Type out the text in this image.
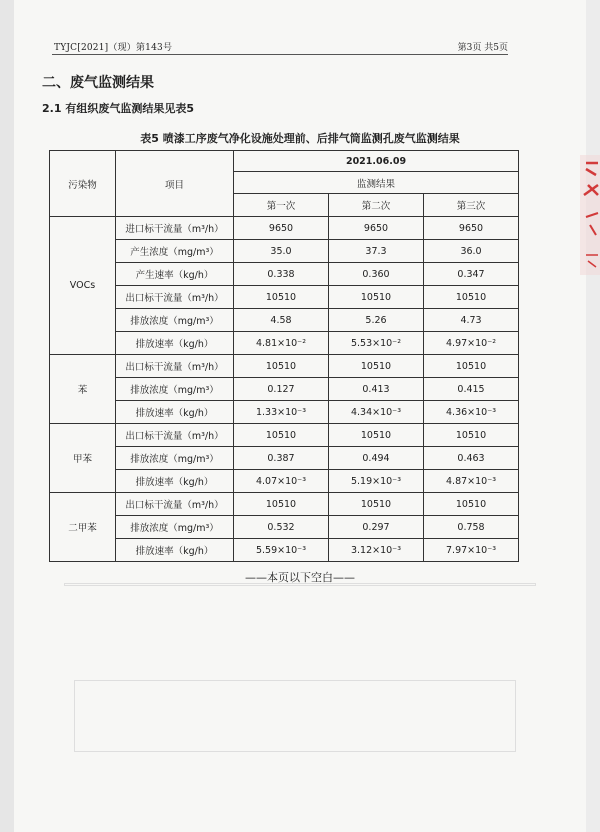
TYJC[2021]（现）第143号	第3页 共5页
二、废气监测结果
2.1 有组织废气监测结果见表5
表5 喷漆工序废气净化设施处理前、后排气筒监测孔废气监测结果
污染物	项目	2021.06.09		
		监测结果		
		第一次	第二次	第三次
VOCs	进口标干流量（m³/h）	9650	9650	9650
	产生浓度（mg/m³）	35.0	37.3	36.0
	产生速率（kg/h）	0.338	0.360	0.347
	出口标干流量（m³/h）	10510	10510	10510
	排放浓度（mg/m³）	4.58	5.26	4.73
	排放速率（kg/h）	4.81×10⁻²	5.53×10⁻²	4.97×10⁻²
苯	出口标干流量（m³/h）	10510	10510	10510
	排放浓度（mg/m³）	0.127	0.413	0.415
	排放速率（kg/h）	1.33×10⁻³	4.34×10⁻³	4.36×10⁻³
甲苯	出口标干流量（m³/h）	10510	10510	10510
	排放浓度（mg/m³）	0.387	0.494	0.463
	排放速率（kg/h）	4.07×10⁻³	5.19×10⁻³	4.87×10⁻³
二甲苯	出口标干流量（m³/h）	10510	10510	10510
	排放浓度（mg/m³）	0.532	0.297	0.758
	排放速率（kg/h）	5.59×10⁻³	3.12×10⁻³	7.97×10⁻³
——本页以下空白——
